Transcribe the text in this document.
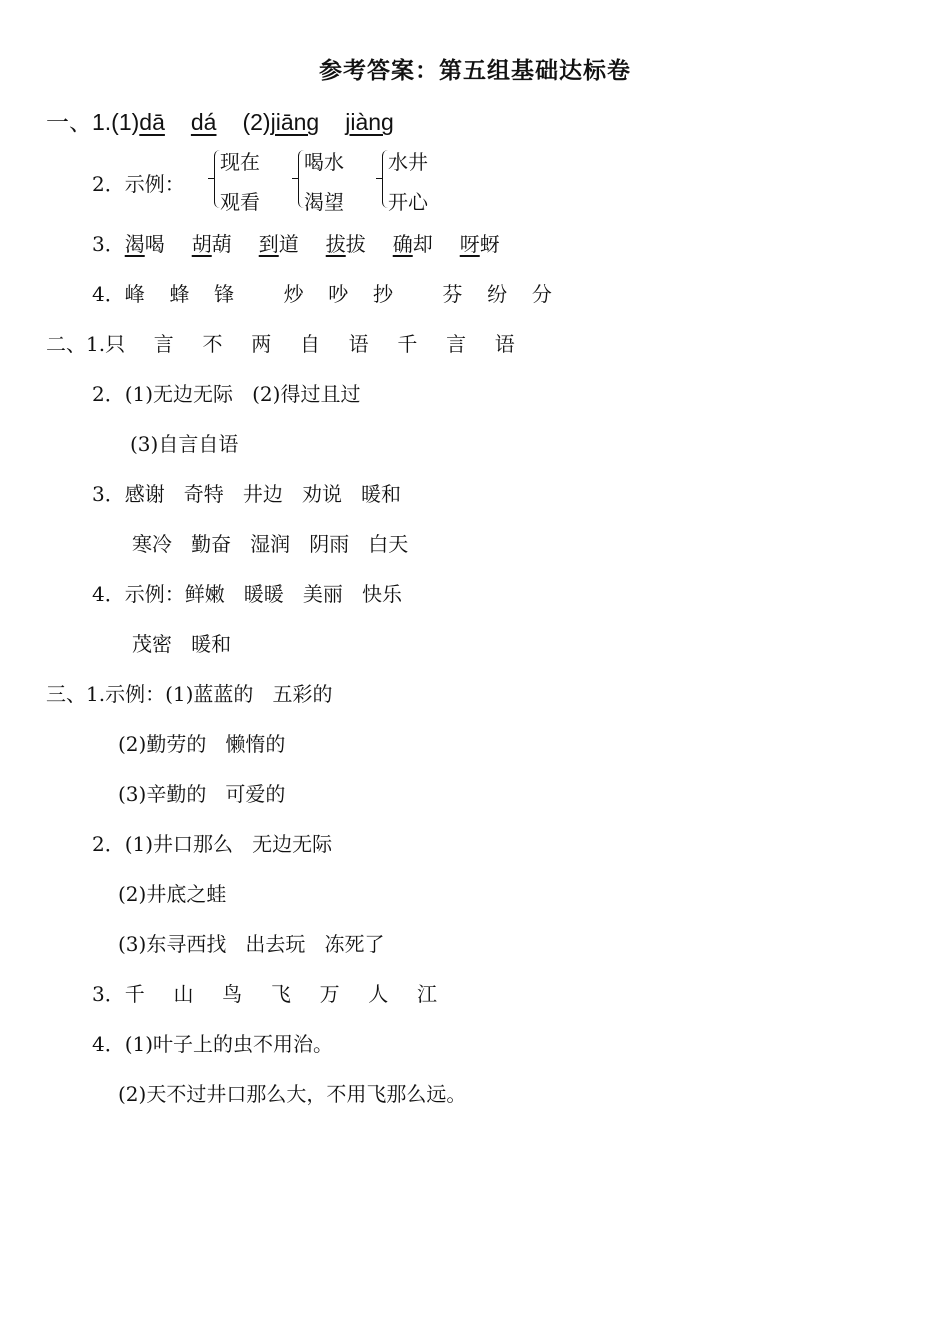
参考答案：第五组基础达标卷
一、1.(1)dā dá (2)jiāng jiàng
2．示例：
现在
观看
喝水
渴望
水井
开心
3．渴喝 胡葫 到道 拔拔 确却 呀蚜
4．峰  蜂  锋    炒  吵  抄    芬  纷  分
二、1.只  言  不  两  自  语  千  言  语
2．(1)无边无际   (2)得过且过
(3)自言自语
3．感谢   奇特   井边   劝说   暖和
寒冷   勤奋   湿润   阴雨   白天
4．示例：鲜嫩   暖暖   美丽   快乐
茂密   暖和
三、1.示例：(1)蓝蓝的   五彩的
(2)勤劳的   懒惰的
(3)辛勤的   可爱的
2．(1)井口那么   无边无际
(2)井底之蛙
(3)东寻西找   出去玩   冻死了
3．千  山  鸟  飞  万  人  江
4．(1)叶子上的虫不用治。
(2)天不过井口那么大，不用飞那么远。
